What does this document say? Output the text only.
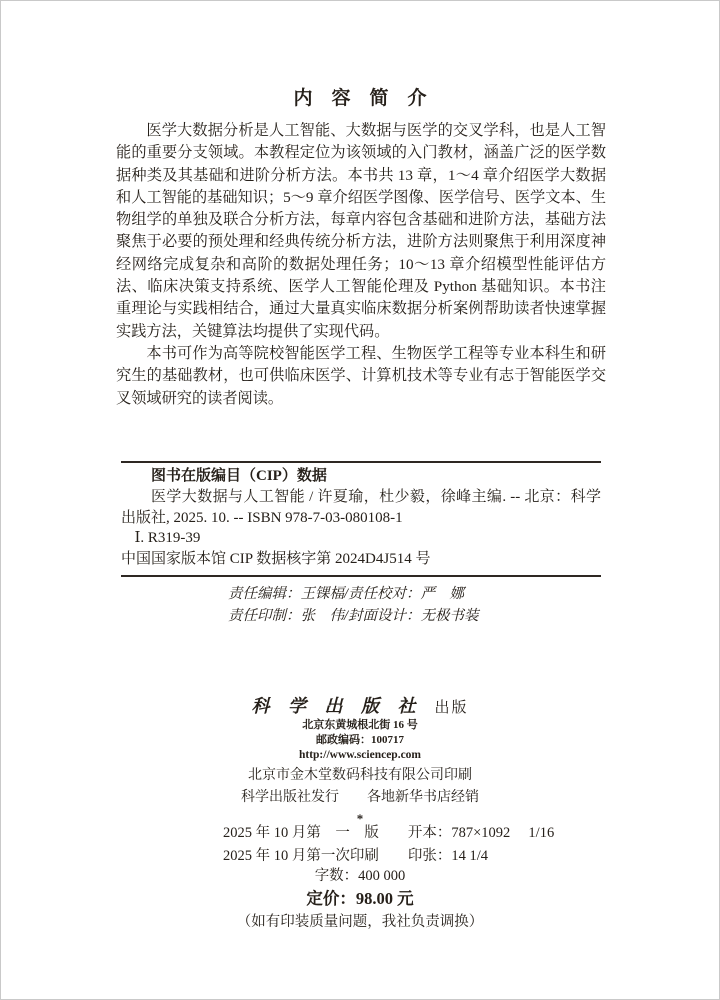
内　容　简　介

医学大数据分析是人工智能、大数据与医学的交叉学科，也是人工智能的重要分支领域。本教程定位为该领域的入门教材，涵盖广泛的医学数据种类及其基础和进阶分析方法。本书共 13 章，1～4 章介绍医学大数据和人工智能的基础知识；5～9 章介绍医学图像、医学信号、医学文本、生物组学的单独及联合分析方法，每章内容包含基础和进阶方法，基础方法聚焦于必要的预处理和经典传统分析方法，进阶方法则聚焦于利用深度神经网络完成复杂和高阶的数据处理任务；10～13 章介绍模型性能评估方法、临床决策支持系统、医学人工智能伦理及 Python 基础知识。本书注重理论与实践相结合，通过大量真实临床数据分析案例帮助读者快速掌握实践方法，关键算法均提供了实现代码。

本书可作为高等院校智能医学工程、生物医学工程等专业本科生和研究生的基础教材，也可供临床医学、计算机技术等专业有志于智能医学交叉领域研究的读者阅读。

图书在版编目（CIP）数据

医学大数据与人工智能 / 许夏瑜，杜少毅，徐峰主编. -- 北京：科学出版社, 2025. 10. -- ISBN 978-7-03-080108-1

Ⅰ. R319-39

中国国家版本馆 CIP 数据核字第 2024D4J514 号

责任编辑：王锞楅/责任校对：严　娜

责任印制：张　伟/封面设计：无极书装

科 学 出 版 社 出版

北京东黄城根北街 16 号

邮政编码：100717

http://www.sciencep.com

北京市金木堂数码科技有限公司印刷

科学出版社发行　　各地新华书店经销

*

2025 年 10 月第　一　版　　开本：787×1092　 1/16

2025 年 10 月第一次印刷　　印张：14 1/4

字数：400 000

定价：98.00 元

（如有印装质量问题，我社负责调换）
